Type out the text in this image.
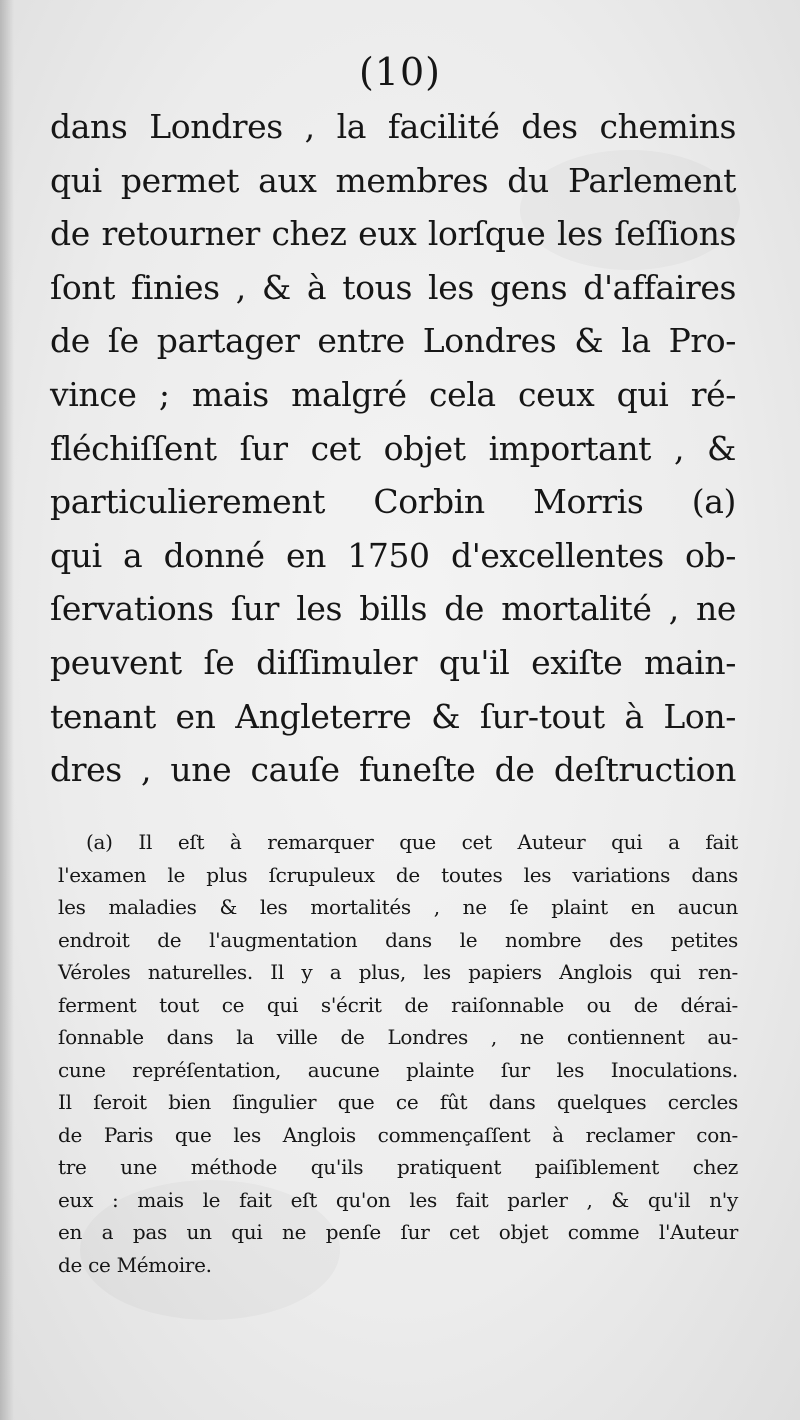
(10)
dans Londres , la facilité des chemins
qui permet aux membres du Parlement
de retourner chez eux lorſque les ſeſſions
ſont finies , & à tous les gens d'affaires
de ſe partager entre Londres & la Pro-
vince ; mais malgré cela ceux qui ré-
fléchiſſent ſur cet objet important , &
particulierement Corbin Morris (a)
qui a donné en 1750 d'excellentes ob-
ſervations ſur les bills de mortalité , ne
peuvent ſe diſſimuler qu'il exiſte main-
tenant en Angleterre & ſur-tout à Lon-
dres , une cauſe funeſte de deſtruction
(a) Il eſt à remarquer que cet Auteur qui a fait
l'examen le plus ſcrupuleux de toutes les variations dans
les maladies & les mortalités , ne ſe plaint en aucun
endroit de l'augmentation dans le nombre des petites
Véroles naturelles. Il y a plus, les papiers Anglois qui ren-
ferment tout ce qui s'écrit de raiſonnable ou de dérai-
ſonnable dans la ville de Londres , ne contiennent au-
cune repréſentation, aucune plainte ſur les Inoculations.
Il ſeroit bien ſingulier que ce fût dans quelques cercles
de Paris que les Anglois commençaſſent à reclamer con-
tre une méthode qu'ils pratiquent paiſiblement chez
eux : mais le fait eſt qu'on les fait parler , & qu'il n'y
en a pas un qui ne penſe ſur cet objet comme l'Auteur
de ce Mémoire.
